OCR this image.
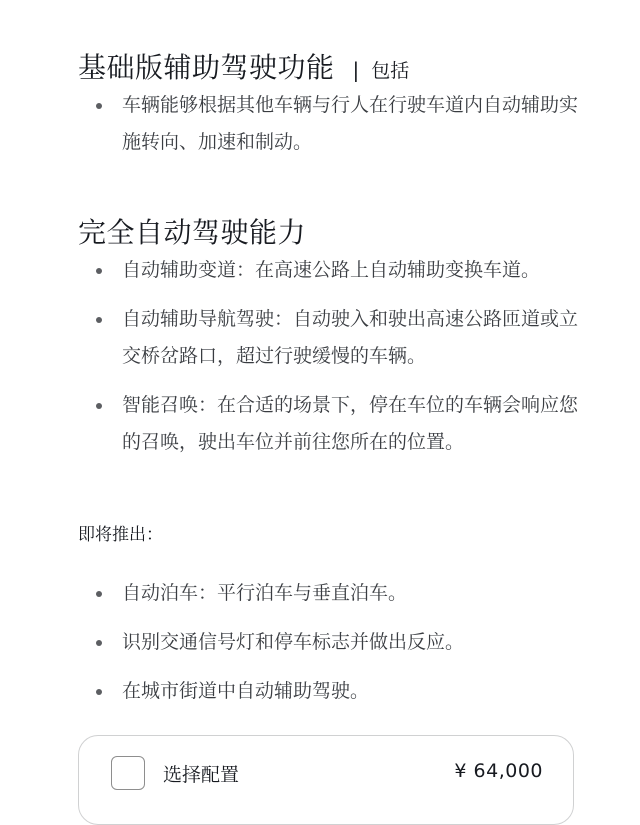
基础版辅助驾驶功能 | 包括
车辆能够根据其他车辆与行人在行驶车道内自动辅助实施转向、加速和制动。
完全自动驾驶能力
自动辅助变道：在高速公路上自动辅助变换车道。
自动辅助导航驾驶：自动驶入和驶出高速公路匝道或立交桥岔路口，超过行驶缓慢的车辆。
智能召唤：在合适的场景下，停在车位的车辆会响应您的召唤，驶出车位并前往您所在的位置。
即将推出：
自动泊车：平行泊车与垂直泊车。
识别交通信号灯和停车标志并做出反应。
在城市街道中自动辅助驾驶。
选择配置	¥ 64,000
